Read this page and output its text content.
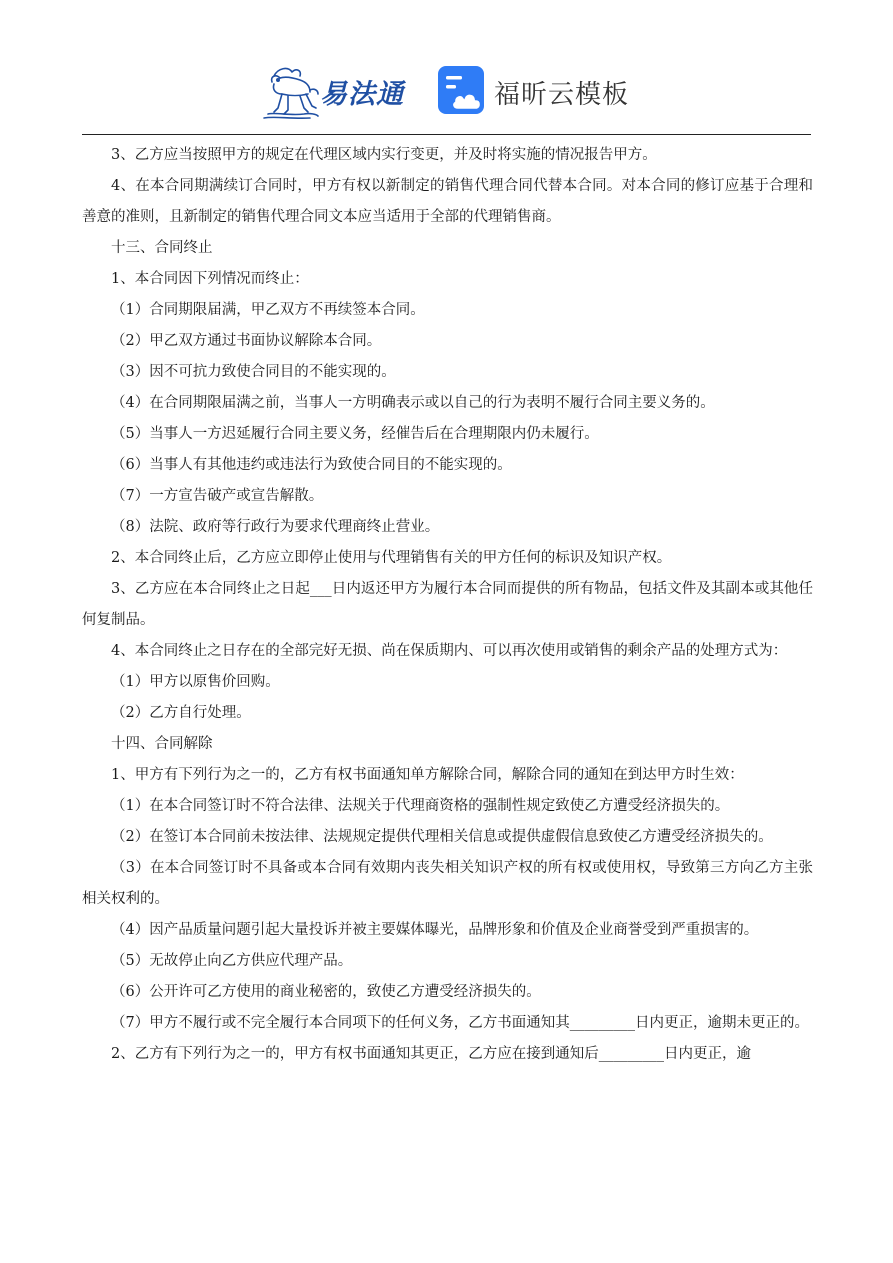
易法通	福昕云模板

3、乙方应当按照甲方的规定在代理区域内实行变更，并及时将实施的情况报告甲方。

4、在本合同期满续订合同时，甲方有权以新制定的销售代理合同代替本合同。对本合同的修订应基于合理和善意的准则，且新制定的销售代理合同文本应当适用于全部的代理销售商。

十三、合同终止

1、本合同因下列情况而终止：

（1）合同期限届满，甲乙双方不再续签本合同。

（2）甲乙双方通过书面协议解除本合同。

（3）因不可抗力致使合同目的不能实现的。

（4）在合同期限届满之前，当事人一方明确表示或以自己的行为表明不履行合同主要义务的。

（5）当事人一方迟延履行合同主要义务，经催告后在合理期限内仍未履行。

（6）当事人有其他违约或违法行为致使合同目的不能实现的。

（7）一方宣告破产或宣告解散。

（8）法院、政府等行政行为要求代理商终止营业。

2、本合同终止后，乙方应立即停止使用与代理销售有关的甲方任何的标识及知识产权。

3、乙方应在本合同终止之日起___日内返还甲方为履行本合同而提供的所有物品，包括文件及其副本或其他任何复制品。

4、本合同终止之日存在的全部完好无损、尚在保质期内、可以再次使用或销售的剩余产品的处理方式为：

（1）甲方以原售价回购。

（2）乙方自行处理。

十四、合同解除

1、甲方有下列行为之一的，乙方有权书面通知单方解除合同，解除合同的通知在到达甲方时生效：

（1）在本合同签订时不符合法律、法规关于代理商资格的强制性规定致使乙方遭受经济损失的。

（2）在签订本合同前未按法律、法规规定提供代理相关信息或提供虚假信息致使乙方遭受经济损失的。

（3）在本合同签订时不具备或本合同有效期内丧失相关知识产权的所有权或使用权，导致第三方向乙方主张相关权利的。

（4）因产品质量问题引起大量投诉并被主要媒体曝光，品牌形象和价值及企业商誉受到严重损害的。

（5）无故停止向乙方供应代理产品。

（6）公开许可乙方使用的商业秘密的，致使乙方遭受经济损失的。

（7）甲方不履行或不完全履行本合同项下的任何义务，乙方书面通知其_________日内更正，逾期未更正的。

2、乙方有下列行为之一的，甲方有权书面通知其更正，乙方应在接到通知后_________日内更正，逾
